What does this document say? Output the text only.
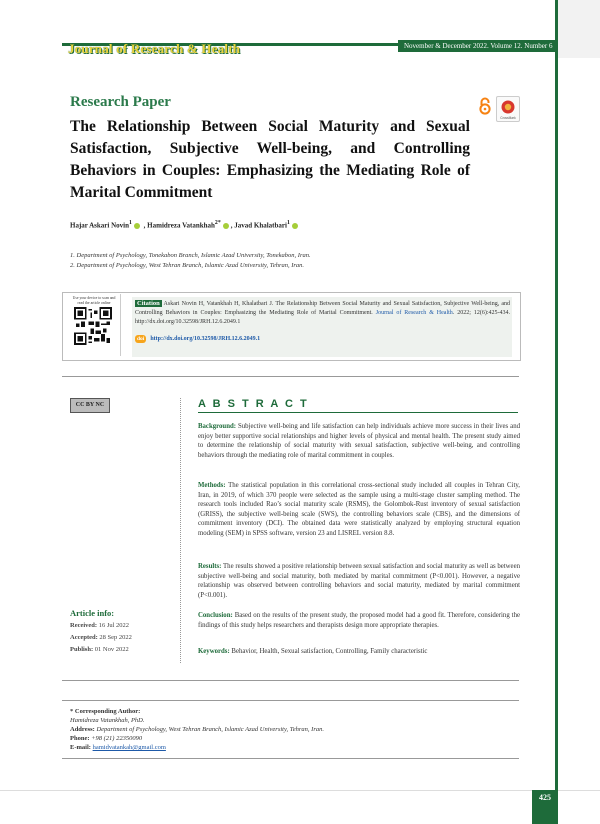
Journal of Research & Health	November & December 2022. Volume 12. Number 6
CrossMark
Research Paper
The Relationship Between Social Maturity and Sexual Satisfaction, Subjective Well-being, and Controlling Behaviors in Couples: Emphasizing the Mediating Role of Marital Commitment
Hajar Askari Novin$^1$ , Hamidreza Vatankhah$^{2*}$ , Javad Khalatbari$^1$
1. Department of Psychology, Tonekabon Branch, Islamic Azad University, Tonekabon, Iran.
2. Department of Psychology, West Tehran Branch, Islamic Azad University, Tehran, Iran.
Use your device to scan and read the article online	Citation Askari Novin H, Vatankhah H, Khalatbari J. The Relationship Between Social Maturity and Sexual Satisfaction, Subjective Well-being, and Controlling Behaviors in Couples: Emphasizing the Mediating Role of Marital Commitment. Journal of Research & Health. 2022; 12(6):425-434. http://dx.doi.org/10.32598/JRH.12.6.2049.1
doi http://dx.doi.org/10.32598/JRH.12.6.2049.1
CC BY NC	A B S T R A C T
Background: Subjective well-being and life satisfaction can help individuals achieve more success in their lives and enjoy better supportive social relationships and higher levels of physical and mental health. The present study aimed to determine the relationship of social maturity with sexual satisfaction, subjective well-being, and controlling behaviors through the mediating role of marital commitment in couples.
Methods: The statistical population in this correlational cross-sectional study included all couples in Tehran City, Iran, in 2019, of which 370 people were selected as the sample using a multi-stage cluster sampling method. The research tools included Rao’s social maturity scale (RSMS), the Golombok-Rust inventory of sexual satisfaction (GRISS), the subjective well-being scale (SWS), the controlling behaviors scale (CBS), and the dimensions of commitment inventory (DCI). The obtained data were statistically analyzed by employing structural equation modeling (SEM) in SPSS software, version 23 and LISREL version 8.8.
Results: The results showed a positive relationship between sexual satisfaction and social maturity as well as between subjective well-being and social maturity, both mediated by marital commitment (P<0.001). However, a negative relationship was observed between controlling behaviors and social maturity, mediated by marital commitment (P<0.001).
Conclusion: Based on the results of the present study, the proposed model had a good fit. Therefore, considering the findings of this study helps researchers and therapists design more appropriate therapies.
Keywords: Behavior, Health, Sexual satisfaction, Controlling, Family characteristic
Article info:
Received: 16 Jul 2022
Accepted: 28 Sep 2022
Publish: 01 Nov 2022
* Corresponding Author:
Hamidreza Vatankhah, PhD.
Address: Department of Psychology, West Tehran Branch, Islamic Azad University, Tehran, Iran.
Phone: +98 (21) 22350090
E-mail: hamidvatankah@gmail.com
425
